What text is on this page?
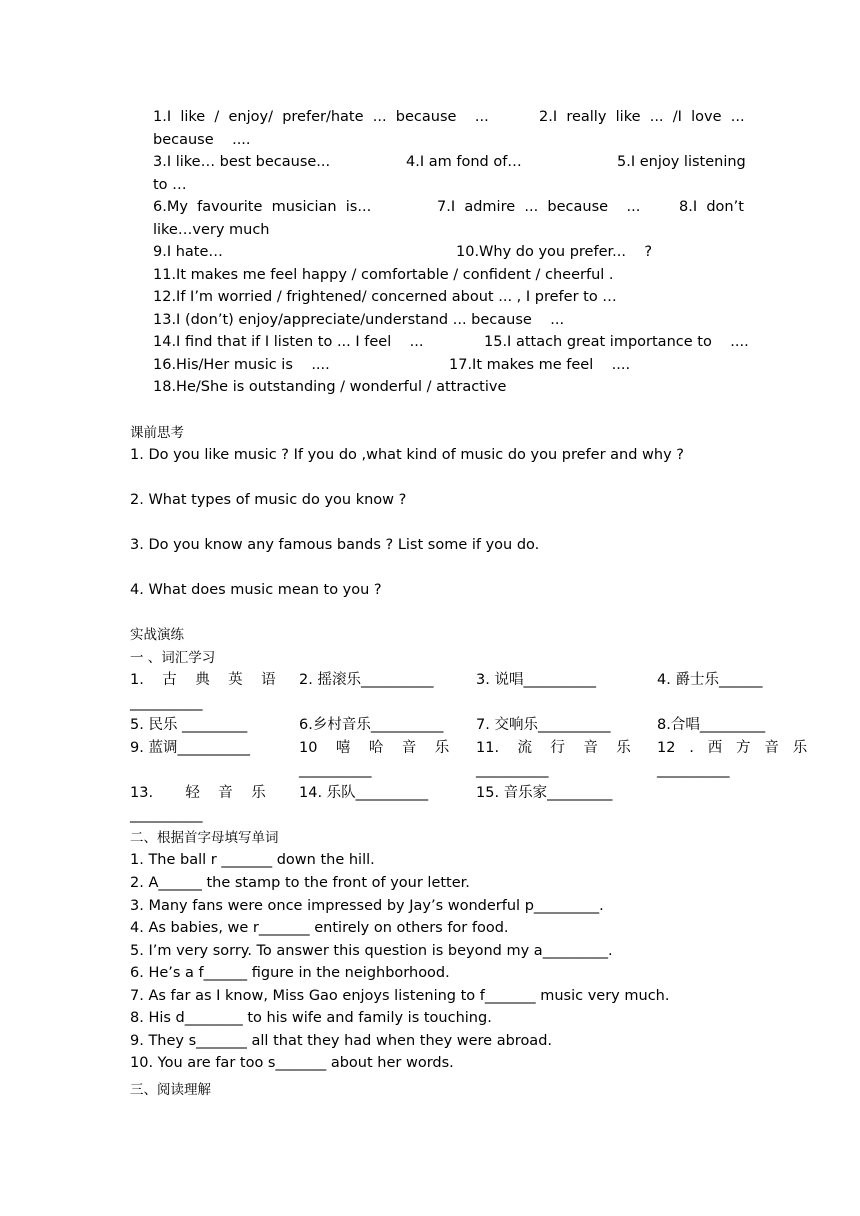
1.I  like  /  enjoy/  prefer/hate  ...  because    ...	2.I  really  like  ...  /I  love  ...
because    ....
3.I like… best because...	4.I am fond of…	5.I enjoy listening
to …
6.My  favourite  musician  is...	7.I  admire  ...  because    ...	8.I  don’t
like…very much
9.I hate…	10.Why do you prefer...    ?
11.It makes me feel happy / comfortable / confident / cheerful .
12.If I’m worried / frightened/ concerned about ... , I prefer to …
13.I (don’t) enjoy/appreciate/understand ... because    ...
14.I find that if I listen to ... I feel    ...	15.I attach great importance to    ....
16.His/Her music is    ....	17.It makes me feel    ....
18.He/She is outstanding / wonderful / attractive
课前思考
1. Do you like music ? If you do ,what kind of music do you prefer and why ?
2. What types of music do you know ?
3. Do you know any famous bands ? List some if you do.
4. What does music mean to you ?
实战演练
一 、词汇学习
1.    古    典    英    语 2. 摇滚乐__________	3. 说唱__________	4. 爵士乐______
__________
5. 民乐 _________	6.乡村音乐__________ 7. 交响乐__________	8.合唱_________
9. 蓝调__________	10    嘻    哈    音    乐 11.    流    行    音    乐 12   .   西   方   音   乐
__________	__________	__________
13.       轻    音    乐 14. 乐队__________	15. 音乐家_________
__________
二、根据首字母填写单词
1. The ball r _______ down the hill.
2. A______ the stamp to the front of your letter.
3. Many fans were once impressed by Jay’s wonderful p_________.
4. As babies, we r_______ entirely on others for food.
5. I’m very sorry. To answer this question is beyond my a_________.
6. He’s a f______ figure in the neighborhood.
7. As far as I know, Miss Gao enjoys listening to f_______ music very much.
8. His d________ to his wife and family is touching.
9. They s_______ all that they had when they were abroad.
10. You are far too s_______ about her words.
三、阅读理解
